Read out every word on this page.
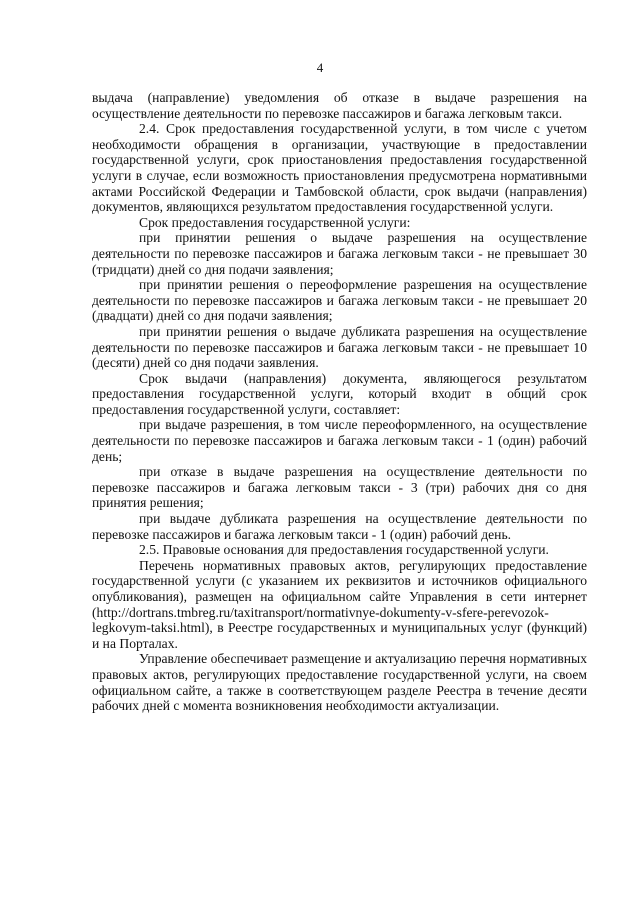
4

выдача (направление) уведомления об отказе в выдаче разрешения на осуществление деятельности по перевозке пассажиров и багажа легковым такси.

2.4. Срок предоставления государственной услуги, в том числе с учетом необходимости обращения в организации, участвующие в предоставлении государственной услуги, срок приостановления предоставления государственной услуги в случае, если возможность приостановления предусмотрена нормативными актами Российской Федерации и Тамбовской области, срок выдачи (направления) документов, являющихся результатом предоставления государственной услуги.

Срок предоставления государственной услуги:

при принятии решения о выдаче разрешения на осуществление деятельности по перевозке пассажиров и багажа легковым такси - не превышает 30 (тридцати) дней со дня подачи заявления;

при принятии решения о переоформление разрешения на осуществление деятельности по перевозке пассажиров и багажа легковым такси - не превышает 20 (двадцати) дней со дня подачи заявления;

при принятии решения о выдаче дубликата разрешения на осуществление деятельности по перевозке пассажиров и багажа легковым такси - не превышает 10 (десяти) дней со дня подачи заявления.

Срок выдачи (направления) документа, являющегося результатом предоставления государственной услуги, который входит в общий срок предоставления государственной услуги, составляет:

при выдаче разрешения, в том числе переоформленного, на осуществление деятельности по перевозке пассажиров и багажа легковым такси - 1 (один) рабочий день;

при отказе в выдаче разрешения на осуществление деятельности по перевозке пассажиров и багажа легковым такси - 3 (три) рабочих дня со дня принятия решения;

при выдаче дубликата разрешения на осуществление деятельности по перевозке пассажиров и багажа легковым такси - 1 (один) рабочий день.

2.5. Правовые основания для предоставления государственной услуги.

Перечень нормативных правовых актов, регулирующих предоставление государственной услуги (с указанием их реквизитов и источников официального опубликования), размещен на официальном сайте Управления в сети интернет (http://dortrans.tmbreg.ru/taxitransport/normativnye-dokumenty-v-sfere-perevozok-legkovym-taksi.html), в Реестре государственных и муниципальных услуг (функций) и на Порталах.

Управление обеспечивает размещение и актуализацию перечня нормативных правовых актов, регулирующих предоставление государственной услуги, на своем официальном сайте, а также в соответствующем разделе Реестра в течение десяти рабочих дней с момента возникновения необходимости актуализации.
